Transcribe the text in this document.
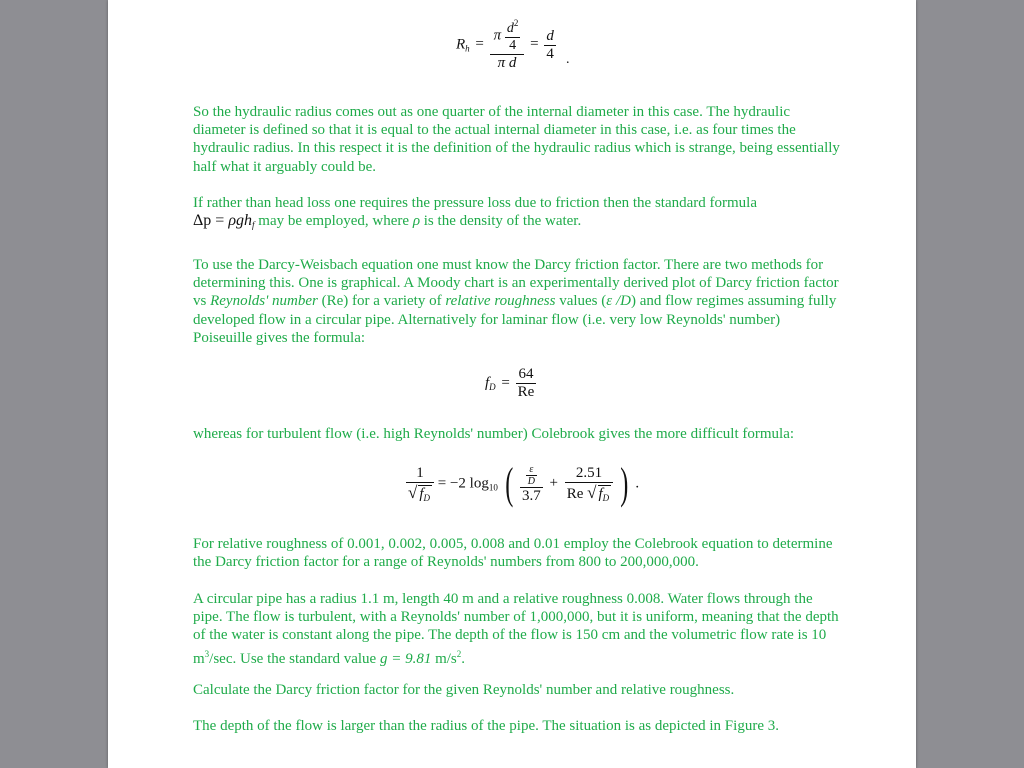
$R_h = \frac{\pi \frac{d^2}{4}}{\text{π d}} = \frac{d}{4}$ .

So the hydraulic radius comes out as one quarter of the internal diameter in this case. The hydraulic diameter is defined so that it is equal to the actual internal diameter in this case, i.e. as four times the hydraulic radius. In this respect it is the definition of the hydraulic radius which is strange, being essentially half what it arguably could be.

If rather than head loss one requires the pressure loss due to friction then the standard formula
Δp = ρgh$_f$ may be employed, where ρ is the density of the water.

To use the Darcy-Weisbach equation one must know the Darcy friction factor. There are two methods for determining this. One is graphical. A Moody chart is an experimentally derived plot of Darcy friction factor vs Reynolds' number (Re) for a variety of relative roughness values (ε /D) and flow regimes assuming fully developed flow in a circular pipe. Alternatively for laminar flow (i.e. very low Reynolds' number) Poiseuille gives the formula:

$f_D = \frac{64}{Re}$

whereas for turbulent flow (i.e. high Reynolds' number) Colebrook gives the more difficult formula:

$\frac{1}{√ f_D} = -2$ $\log_{10}$ ( $\frac{\frac{\varepsilon}{D}}{3.7} + \frac{2.51}{Re √ f_D}$ ) .

For relative roughness of 0.001, 0.002, 0.005, 0.008 and 0.01 employ the Colebrook equation to determine the Darcy friction factor for a range of Reynolds' numbers from 800 to 200,000,000.

A circular pipe has a radius 1.1 m, length 40 m and a relative roughness 0.008. Water flows through the pipe. The flow is turbulent, with a Reynolds' number of 1,000,000, but it is uniform, meaning that the depth of the water is constant along the pipe. The depth of the flow is 150 cm and the volumetric flow rate is 10 $m^3/\sec$. Use the standard value g = 9.81 $m/s^2$.

Calculate the Darcy friction factor for the given Reynolds' number and relative roughness.

The depth of the flow is larger than the radius of the pipe. The situation is as depicted in Figure 3.
